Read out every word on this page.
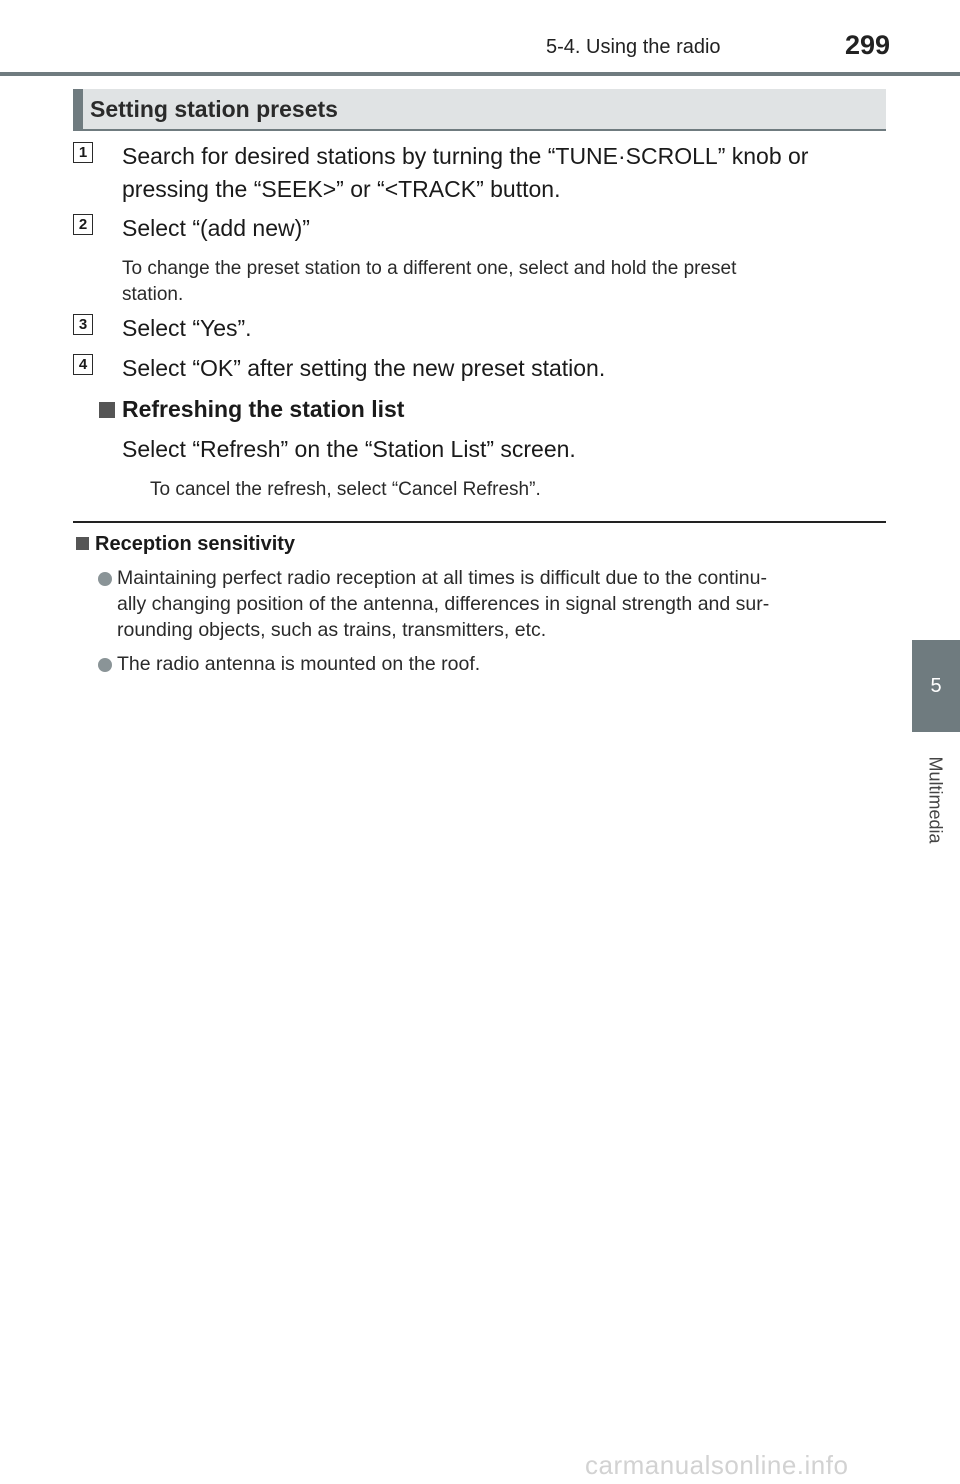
5-4. Using the radio	299
5
Multimedia
Setting station presets
1 Search for desired stations by turning the “TUNE·SCROLL” knob or
pressing the “SEEK>” or “<TRACK” button.
2 Select “(add new)”
To change the preset station to a different one, select and hold the preset
station.
3 Select “Yes”.
4 Select “OK” after setting the new preset station.
Refreshing the station list
Select “Refresh” on the “Station List” screen.
To cancel the refresh, select “Cancel Refresh”.
Reception sensitivity
Maintaining perfect radio reception at all times is difficult due to the continu-
ally changing position of the antenna, differences in signal strength and sur-
rounding objects, such as trains, transmitters, etc.
The radio antenna is mounted on the roof.
carmanualsonline.info
